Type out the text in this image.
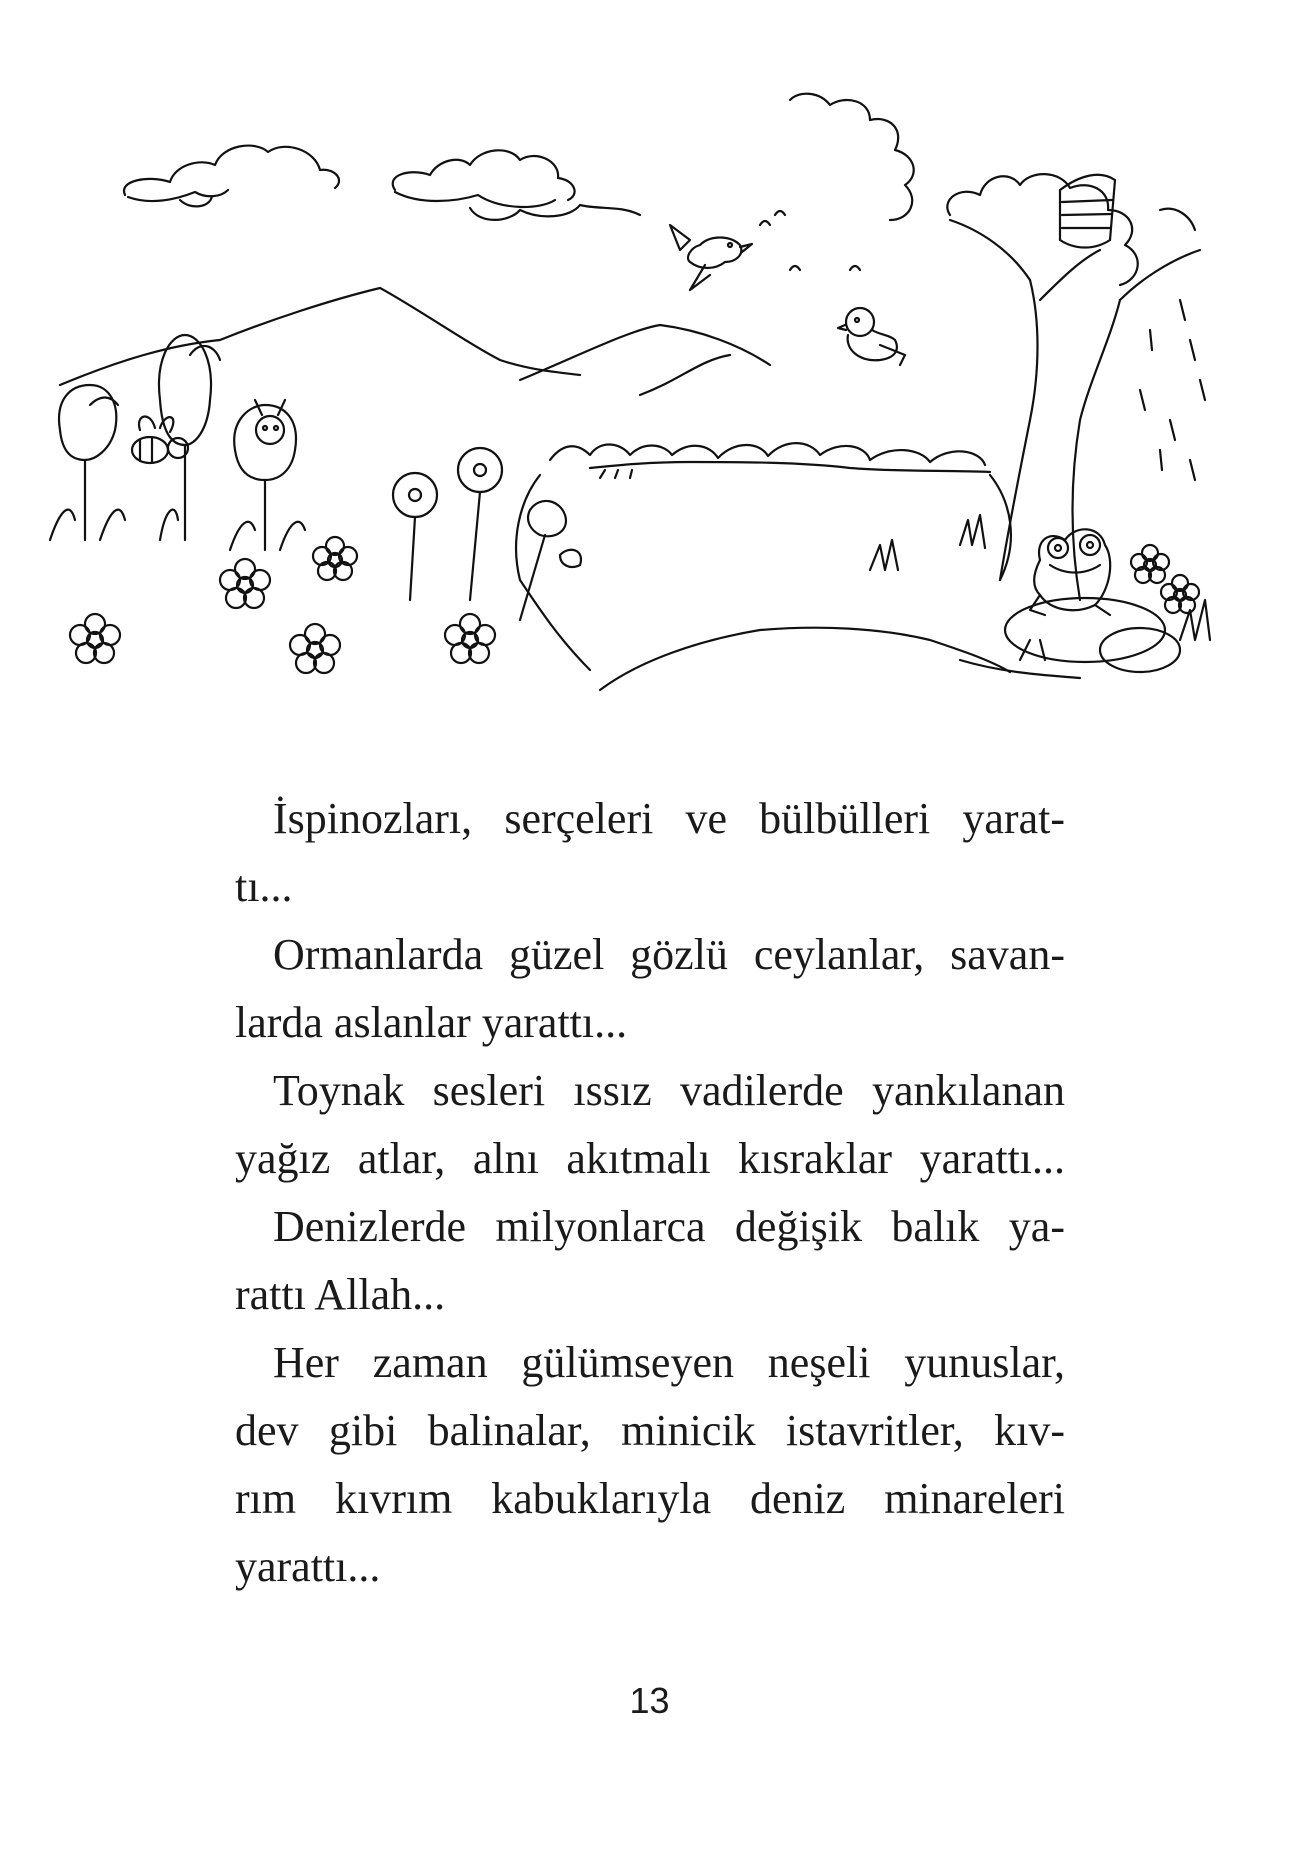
İspinozları, serçeleri ve bülbülleri yarat-
tı...
Ormanlarda güzel gözlü ceylanlar, savan-
larda aslanlar yarattı...
Toynak sesleri ıssız vadilerde yankılanan
yağız atlar, alnı akıtmalı kısraklar yarattı...
Denizlerde milyonlarca değişik balık ya-
rattı Allah...
Her zaman gülümseyen neşeli yunuslar,
dev gibi balinalar, minicik istavritler, kıv-
rım kıvrım kabuklarıyla deniz minareleri
yarattı...
13
